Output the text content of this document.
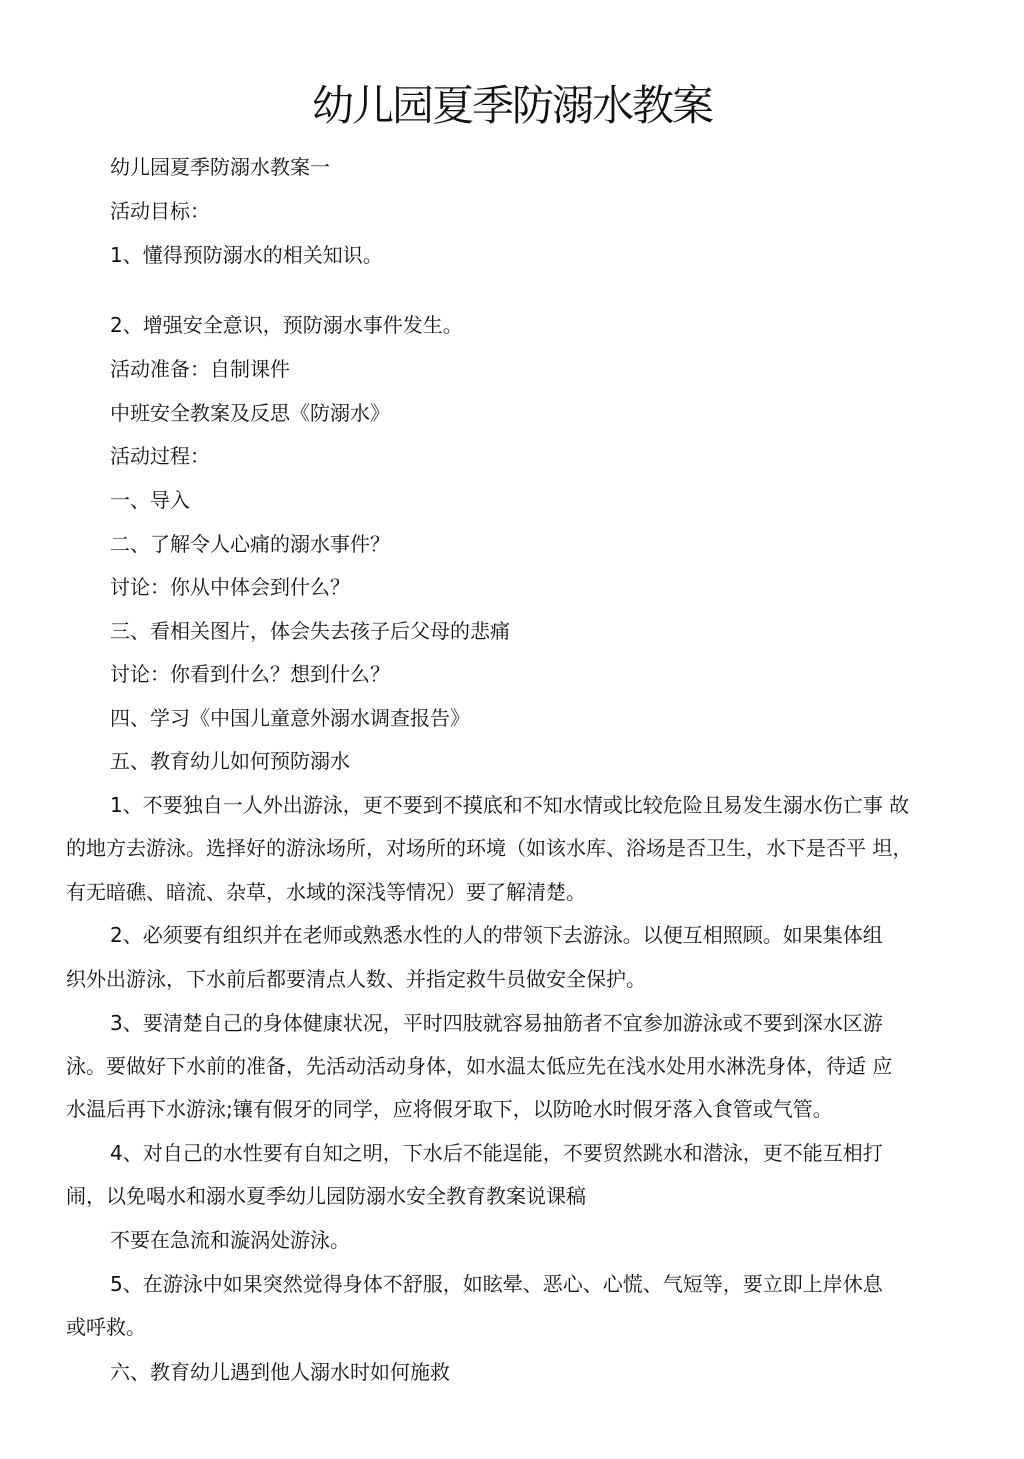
幼儿园夏季防溺水教案
幼儿园夏季防溺水教案一
活动目标：
1、懂得预防溺水的相关知识。
2、增强安全意识，预防溺水事件发生。
活动准备：自制课件
中班安全教案及反思《防溺水》
活动过程：
一、导入
二、了解令人心痛的溺水事件？
讨论：你从中体会到什么？
三、看相关图片，体会失去孩子后父母的悲痛
讨论：你看到什么？想到什么？
四、学习《中国儿童意外溺水调查报告》
五、教育幼儿如何预防溺水
1、不要独自一人外出游泳，更不要到不摸底和不知水情或比较危险且易发生溺水伤亡事 故
的地方去游泳。选择好的游泳场所，对场所的环境（如该水库、浴场是否卫生，水下是否平 坦，
有无暗礁、暗流、杂草，水域的深浅等情况）要了解清楚。
2、必须要有组织并在老师或熟悉水性的人的带领下去游泳。以便互相照顾。如果集体组
织外出游泳，下水前后都要清点人数、并指定救牛员做安全保护。
3、要清楚自己的身体健康状况，平时四肢就容易抽筋者不宜参加游泳或不要到深水区游
泳。要做好下水前的准备，先活动活动身体，如水温太低应先在浅水处用水淋洗身体，待适 应
水温后再下水游泳;镶有假牙的同学，应将假牙取下，以防呛水时假牙落入食管或气管。
4、对自己的水性要有自知之明，下水后不能逞能，不要贸然跳水和潜泳，更不能互相打
闹，以免喝水和溺水夏季幼儿园防溺水安全教育教案说课稿
不要在急流和漩涡处游泳。
5、在游泳中如果突然觉得身体不舒服，如眩晕、恶心、心慌、气短等，要立即上岸休息
或呼救。
六、教育幼儿遇到他人溺水时如何施救
